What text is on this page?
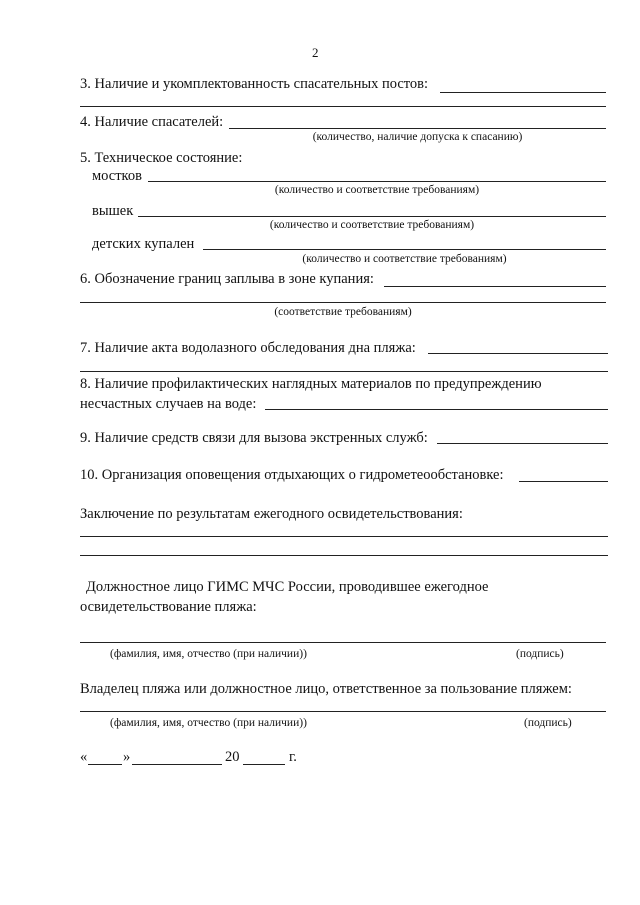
2
3. Наличие и укомплектованность спасательных постов:
4. Наличие спасателей:
(количество, наличие допуска к спасанию)
5. Техническое состояние:
мостков
(количество и соответствие требованиям)
вышек
(количество и соответствие требованиям)
детских купален
(количество и соответствие требованиям)
6. Обозначение границ заплыва в зоне купания:
(соответствие требованиям)
7. Наличие акта водолазного обследования дна пляжа:
8. Наличие профилактических наглядных материалов по предупреждению
несчастных случаев на воде:
9. Наличие средств связи для вызова экстренных служб:
10. Организация оповещения отдыхающих о гидрометеообстановке:
Заключение по результатам ежегодного освидетельствования:
Должностное лицо ГИМС МЧС России, проводившее ежегодное
освидетельствование пляжа:
(фамилия, имя, отчество (при наличии))	(подпись)
Владелец пляжа или должностное лицо, ответственное за пользование пляжем:
(фамилия, имя, отчество (при наличии))	(подпись)
« »	20	г.
